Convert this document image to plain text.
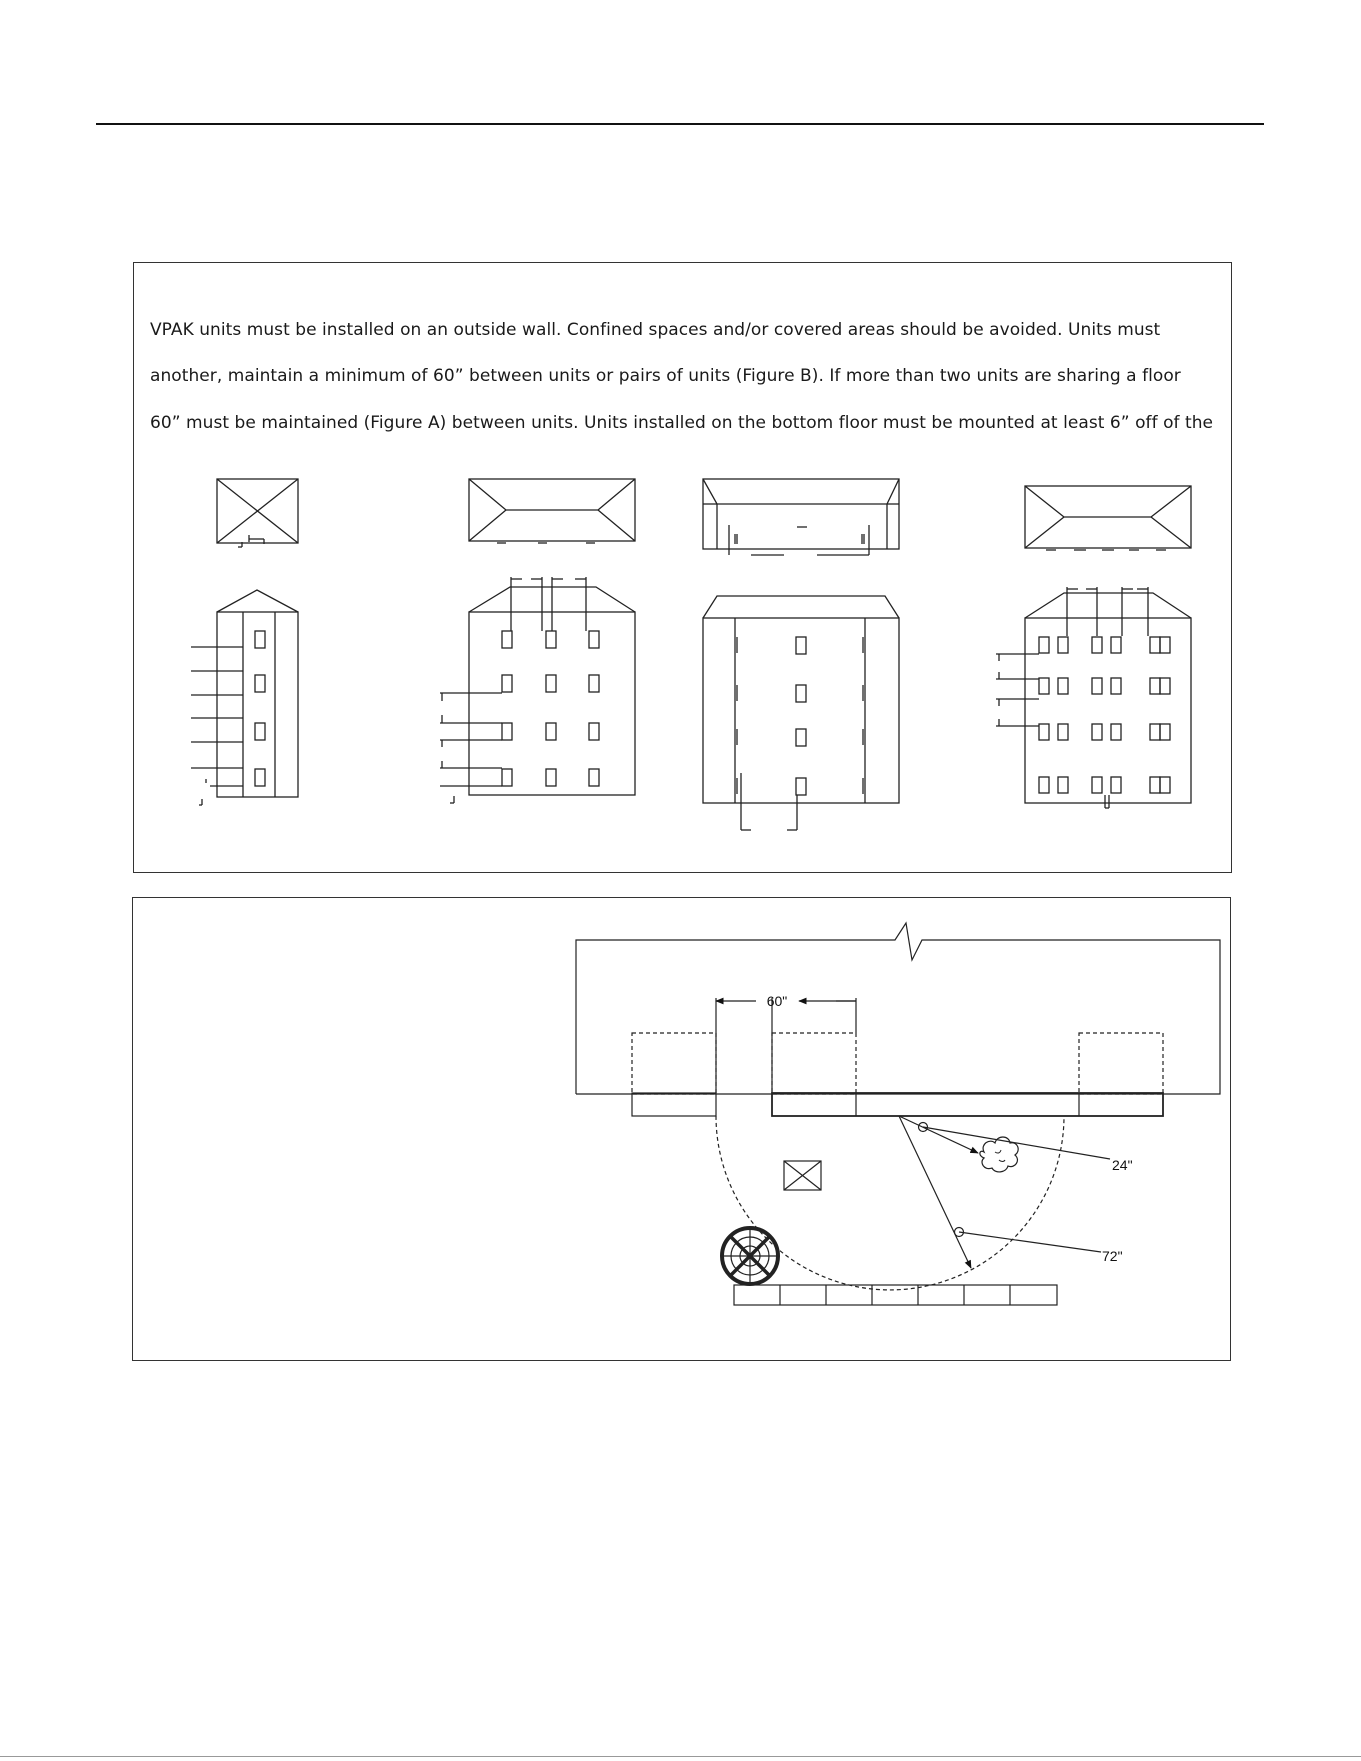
VPAK units must be installed on an outside wall. Confined spaces and/or covered areas should be avoided. Units must

another, maintain a minimum of 60” between units or pairs of units (Figure B). If more than two units are sharing a floor

60” must be maintained (Figure A) between units. Units installed on the bottom floor must be mounted at least 6” off of the

60"
24"
72"
